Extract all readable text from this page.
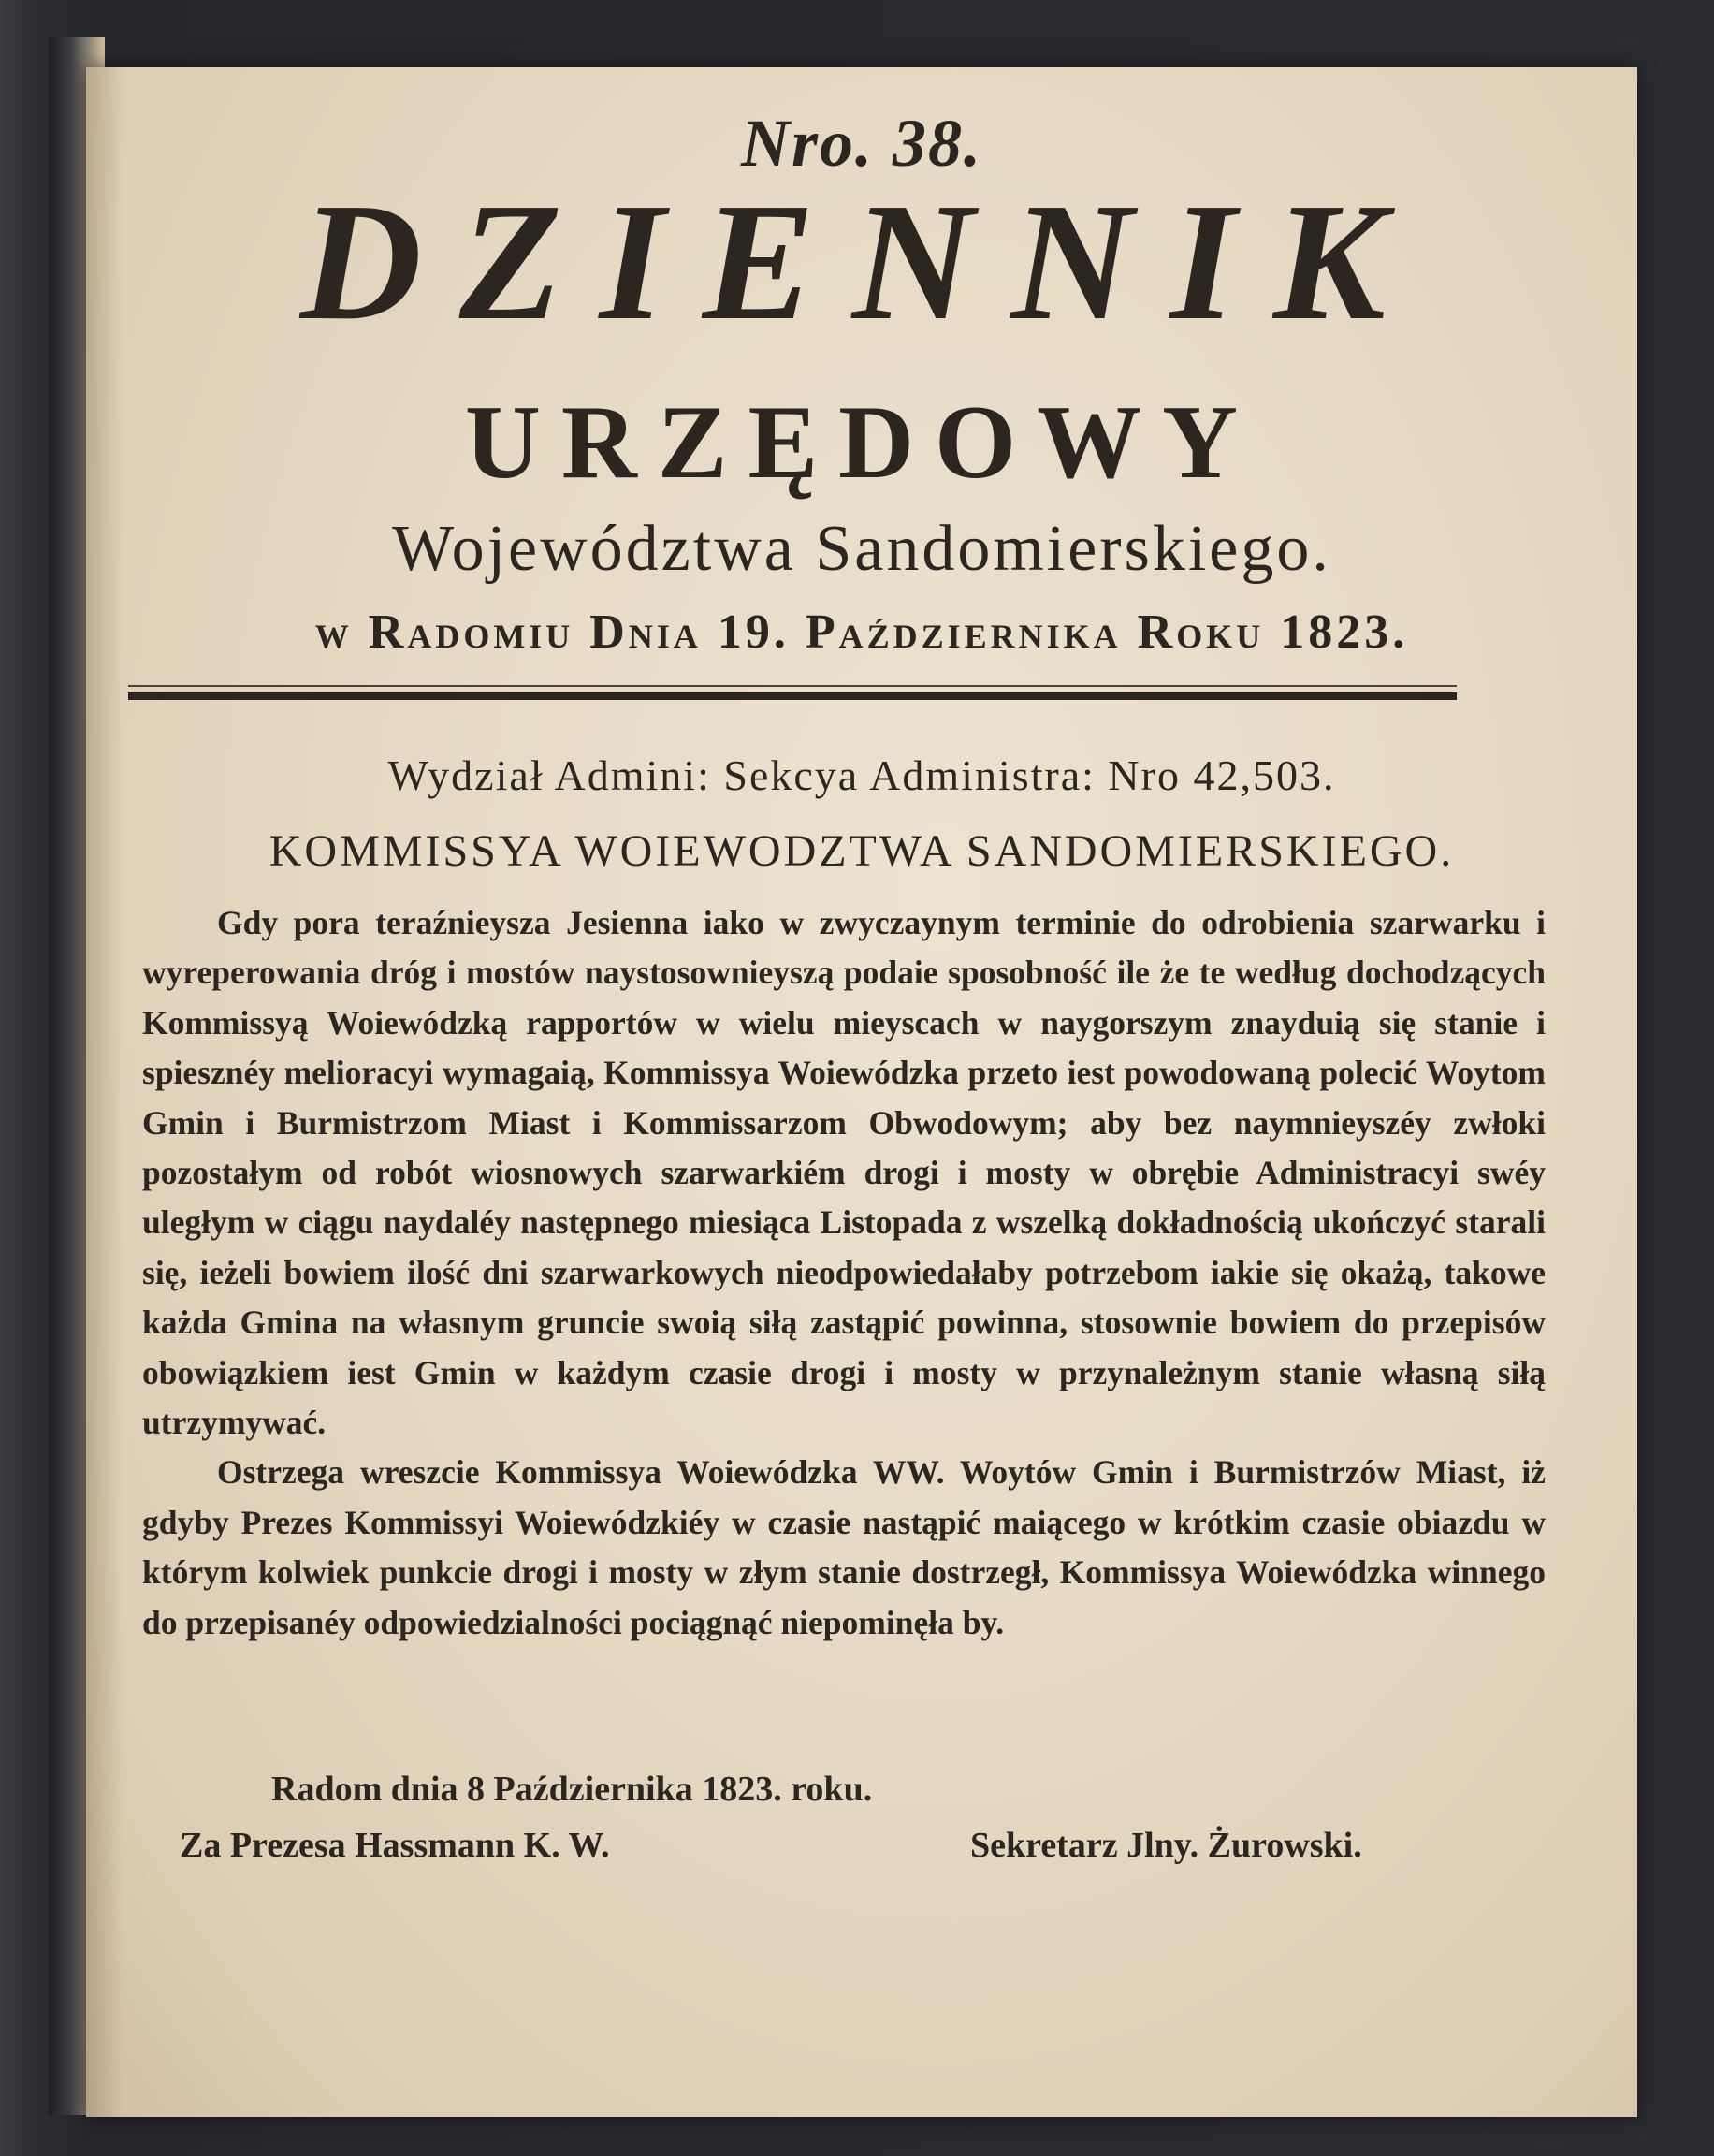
Nro. 38.
DZIENNIK
URZĘDOWY
Województwa Sandomierskiego.
w Radomiu Dnia 19. Października Roku 1823.
Wydział Admini: Sekcya Administra: Nro 42,503.
KOMMISSYA WOIEWODZTWA SANDOMIERSKIEGO.

Gdy pora teraźnieysza Jesienna iako w zwyczaynym terminie do odrobienia szarwarku i wyreperowania dróg i mostów naystosownieyszą podaie sposobność ile że te według dochodzących Kommissyą Woiewódzką rapportów w wielu mieyscach w naygorszym znayduią się stanie i spiesznéy melioracyi wymagaią, Kommissya Woiewódzka przeto iest powodowaną polecić Woytom Gmin i Burmistrzom Miast i Kommissarzom Obwodowym; aby bez naymnieyszéy zwłoki pozostałym od robót wiosnowych szarwarkiém drogi i mosty w obrębie Administracyi swéy uległym w ciągu naydaléy następnego miesiąca Listopada z wszelką dokładnością ukończyć starali się, ieżeli bowiem ilość dni szarwarkowych nieodpowiedałaby potrzebom iakie się okażą, takowe każda Gmina na własnym gruncie swoią siłą zastąpić powinna, stosownie bowiem do przepisów obowiązkiem iest Gmin w każdym czasie drogi i mosty w przynależnym stanie własną siłą utrzymywać.

Ostrzega wreszcie Kommissya Woiewódzka WW. Woytów Gmin i Burmistrzów Miast, iż gdyby Prezes Kommissyi Woiewódzkiéy w czasie nastąpić maiącego w krótkim czasie obiazdu w którym kolwiek punkcie drogi i mosty w złym stanie dostrzegł, Kommissya Woiewódzka winnego do przepisanéy odpowiedzialności pociągnąć niepominęła by.

Radom dnia 8 Października 1823. roku.
Za Prezesa Hassmann K. W.	Sekretarz Jlny. Żurowski.
